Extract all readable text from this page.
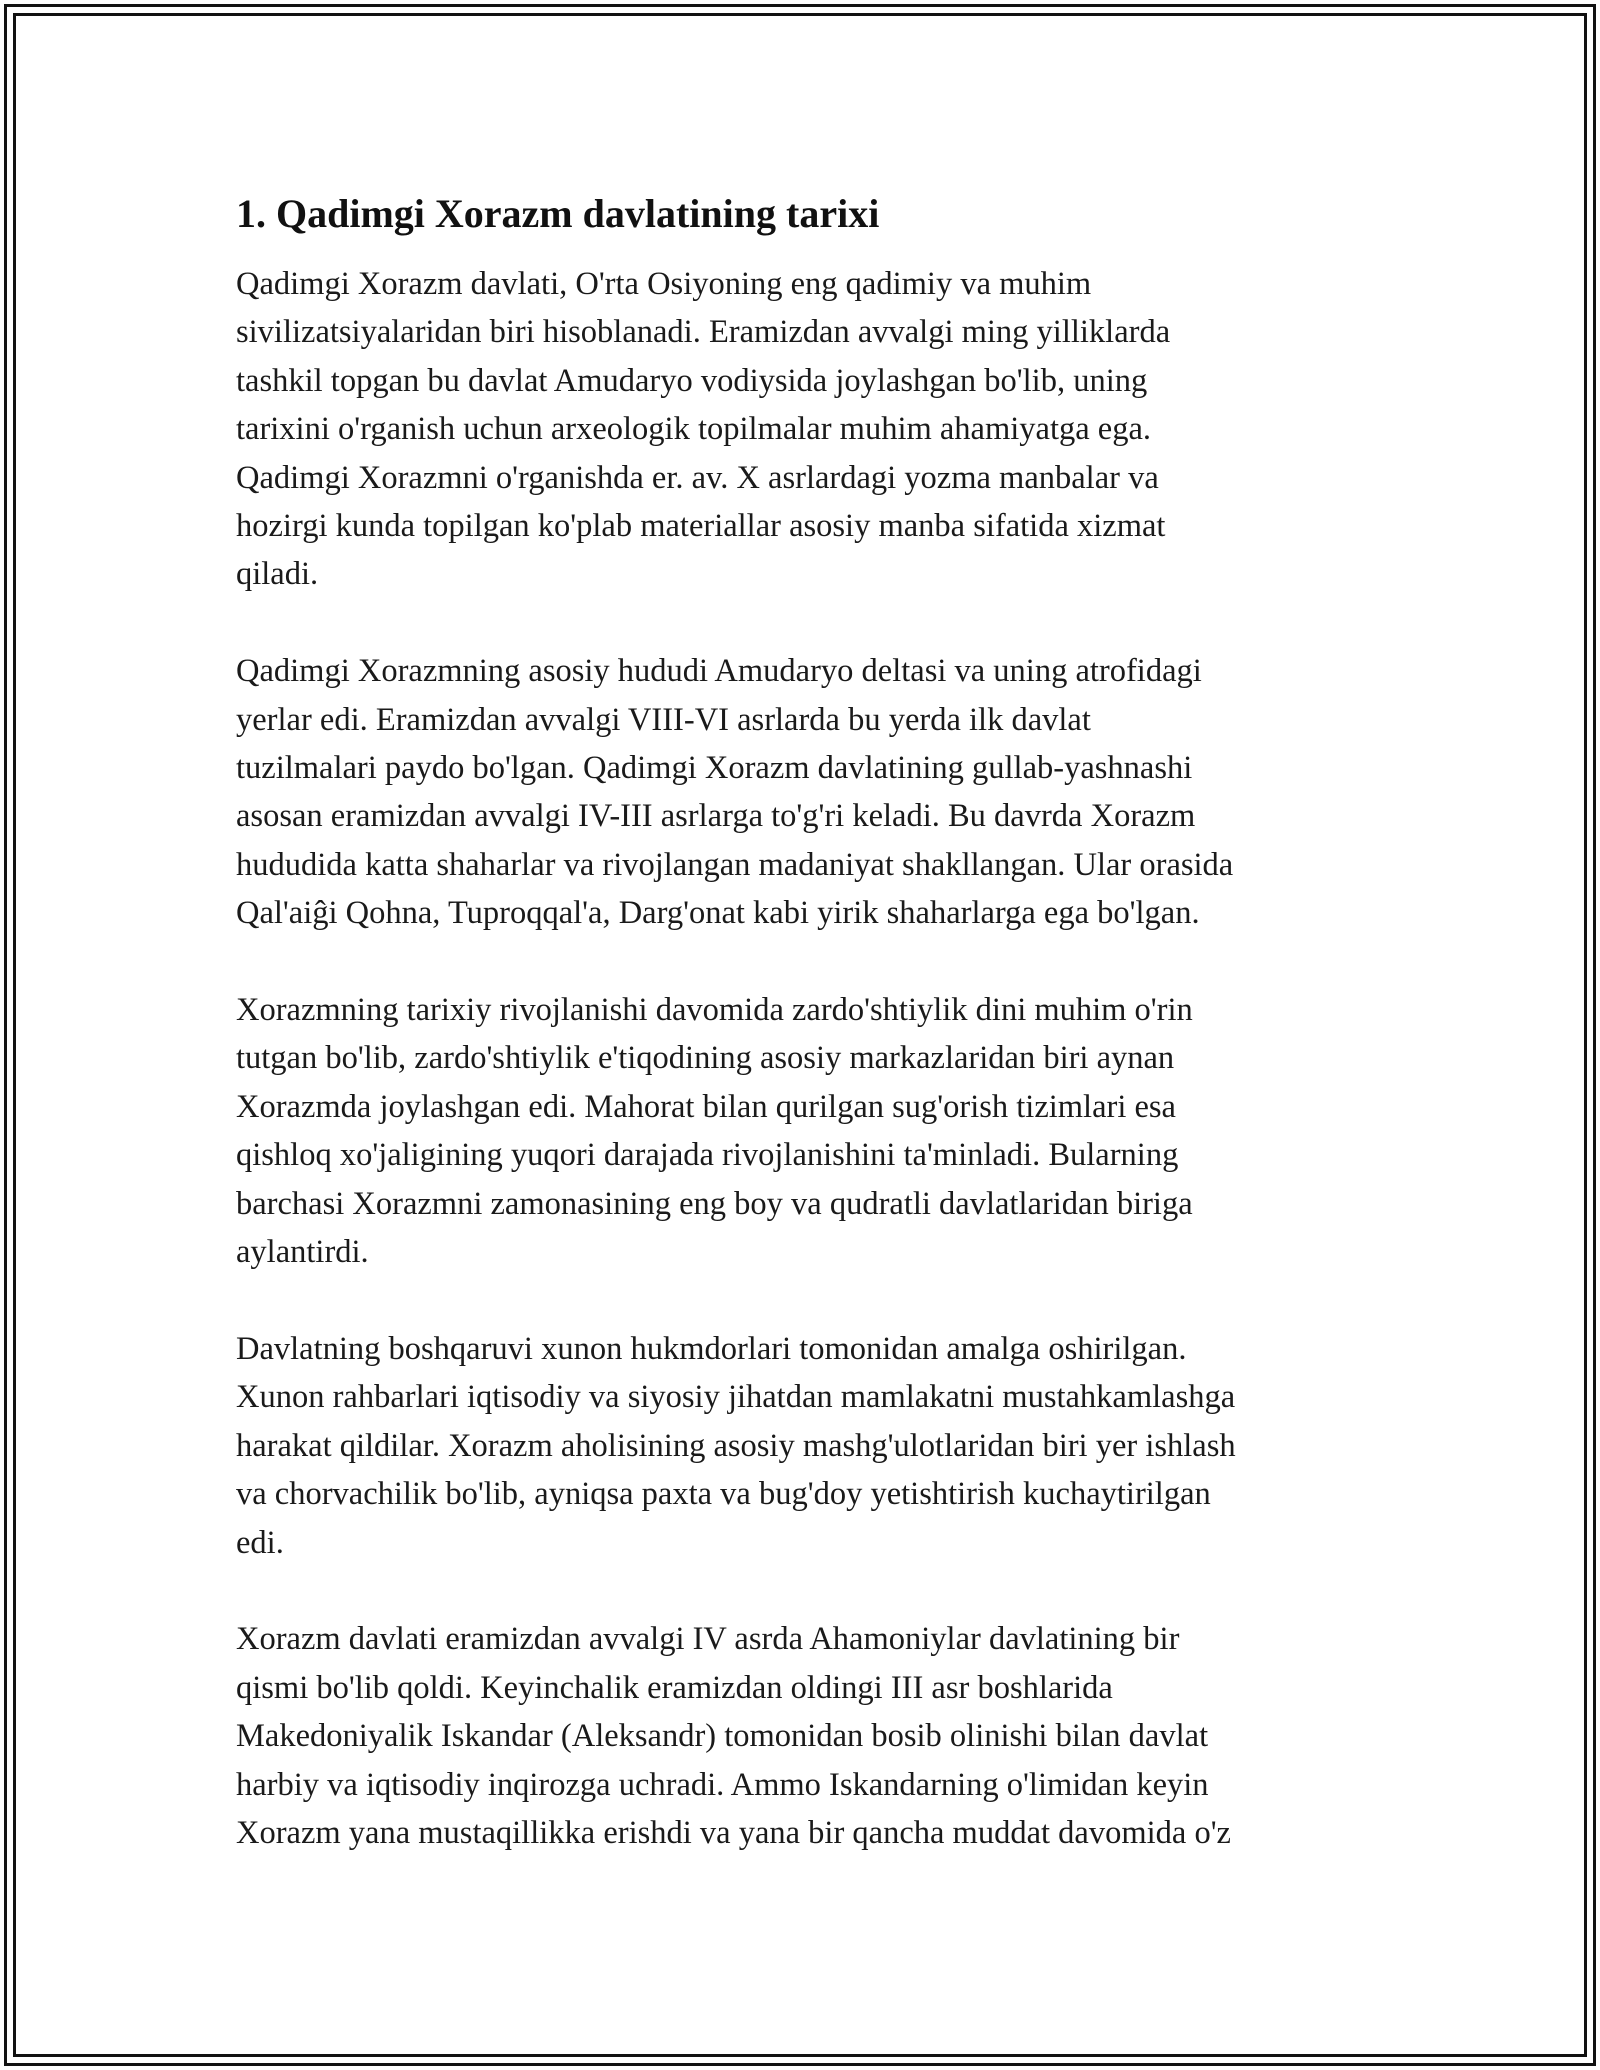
1. Qadimgi Xorazm davlatining tarixi

Qadimgi Xorazm davlati, O'rta Osiyoning eng qadimiy va muhim
sivilizatsiyalaridan biri hisoblanadi. Eramizdan avvalgi ming yilliklarda
tashkil topgan bu davlat Amudaryo vodiysida joylashgan bo'lib, uning
tarixini o'rganish uchun arxeologik topilmalar muhim ahamiyatga ega.
Qadimgi Xorazmni o'rganishda er. av. X asrlardagi yozma manbalar va
hozirgi kunda topilgan ko'plab materiallar asosiy manba sifatida xizmat
qiladi.

Qadimgi Xorazmning asosiy hududi Amudaryo deltasi va uning atrofidagi
yerlar edi. Eramizdan avvalgi VIII-VI asrlarda bu yerda ilk davlat
tuzilmalari paydo bo'lgan. Qadimgi Xorazm davlatining gullab-yashnashi
asosan eramizdan avvalgi IV-III asrlarga to'g'ri keladi. Bu davrda Xorazm
hududida katta shaharlar va rivojlangan madaniyat shakllangan. Ular orasida
Qal'aiĝi Qohna, Tuproqqal'a, Darg'onat kabi yirik shaharlarga ega bo'lgan.

Xorazmning tarixiy rivojlanishi davomida zardo'shtiylik dini muhim o'rin
tutgan bo'lib, zardo'shtiylik e'tiqodining asosiy markazlaridan biri aynan
Xorazmda joylashgan edi. Mahorat bilan qurilgan sug'orish tizimlari esa
qishloq xo'jaligining yuqori darajada rivojlanishini ta'minladi. Bularning
barchasi Xorazmni zamonasining eng boy va qudratli davlatlaridan biriga
aylantirdi.

Davlatning boshqaruvi xunon hukmdorlari tomonidan amalga oshirilgan.
Xunon rahbarlari iqtisodiy va siyosiy jihatdan mamlakatni mustahkamlashga
harakat qildilar. Xorazm aholisining asosiy mashg'ulotlaridan biri yer ishlash
va chorvachilik bo'lib, ayniqsa paxta va bug'doy yetishtirish kuchaytirilgan
edi.

Xorazm davlati eramizdan avvalgi IV asrda Ahamoniylar davlatining bir
qismi bo'lib qoldi. Keyinchalik eramizdan oldingi III asr boshlarida
Makedoniyalik Iskandar (Aleksandr) tomonidan bosib olinishi bilan davlat
harbiy va iqtisodiy inqirozga uchradi. Ammo Iskandarning o'limidan keyin
Xorazm yana mustaqillikka erishdi va yana bir qancha muddat davomida o'z
